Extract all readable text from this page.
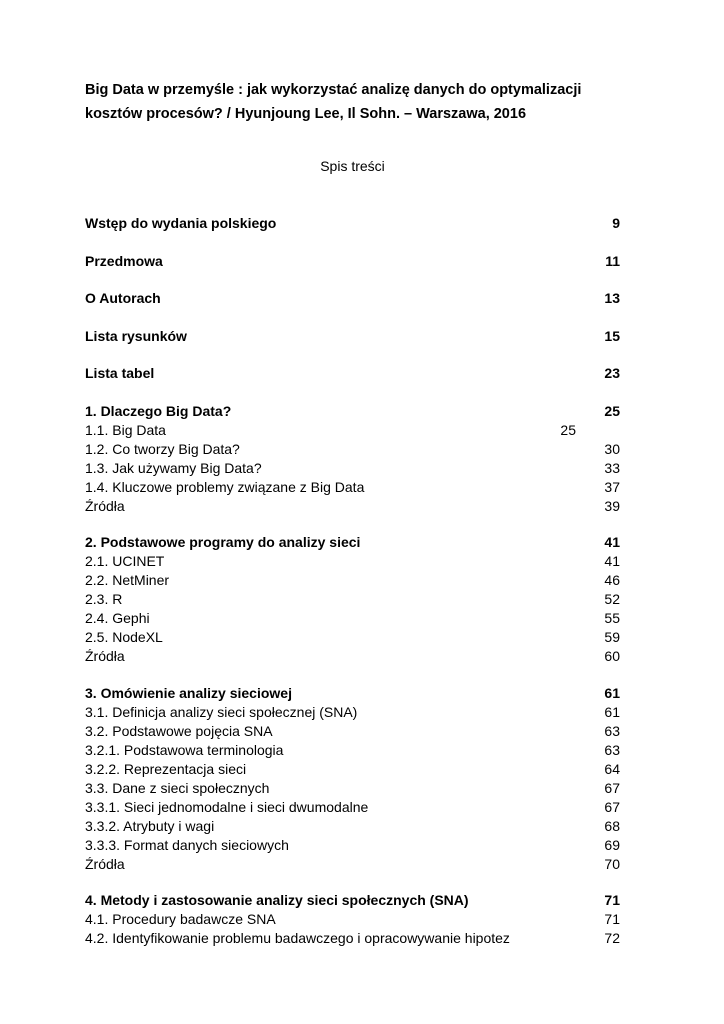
Big Data w przemyśle : jak wykorzystać analizę danych do optymalizacji
kosztów procesów? / Hyunjoung Lee, Il Sohn. – Warszawa, 2016
Spis treści
Wstęp do wydania polskiego	9
Przedmowa	11
O Autorach	13
Lista rysunków	15
Lista tabel	23
1. Dlaczego Big Data?	25
1.1. Big Data	25
1.2. Co tworzy Big Data?	30
1.3. Jak używamy Big Data?	33
1.4. Kluczowe problemy związane z Big Data	37
Źródła	39
2. Podstawowe programy do analizy sieci	41
2.1. UCINET	41
2.2. NetMiner	46
2.3. R	52
2.4. Gephi	55
2.5. NodeXL	59
Źródła	60
3. Omówienie analizy sieciowej	61
3.1. Definicja analizy sieci społecznej (SNA)	61
3.2. Podstawowe pojęcia SNA	63
3.2.1. Podstawowa terminologia	63
3.2.2. Reprezentacja sieci	64
3.3. Dane z sieci społecznych	67
3.3.1. Sieci jednomodalne i sieci dwumodalne	67
3.3.2. Atrybuty i wagi	68
3.3.3. Format danych sieciowych	69
Źródła	70
4. Metody i zastosowanie analizy sieci społecznych (SNA)	71
4.1. Procedury badawcze SNA	71
4.2. Identyfikowanie problemu badawczego i opracowywanie hipotez	72
